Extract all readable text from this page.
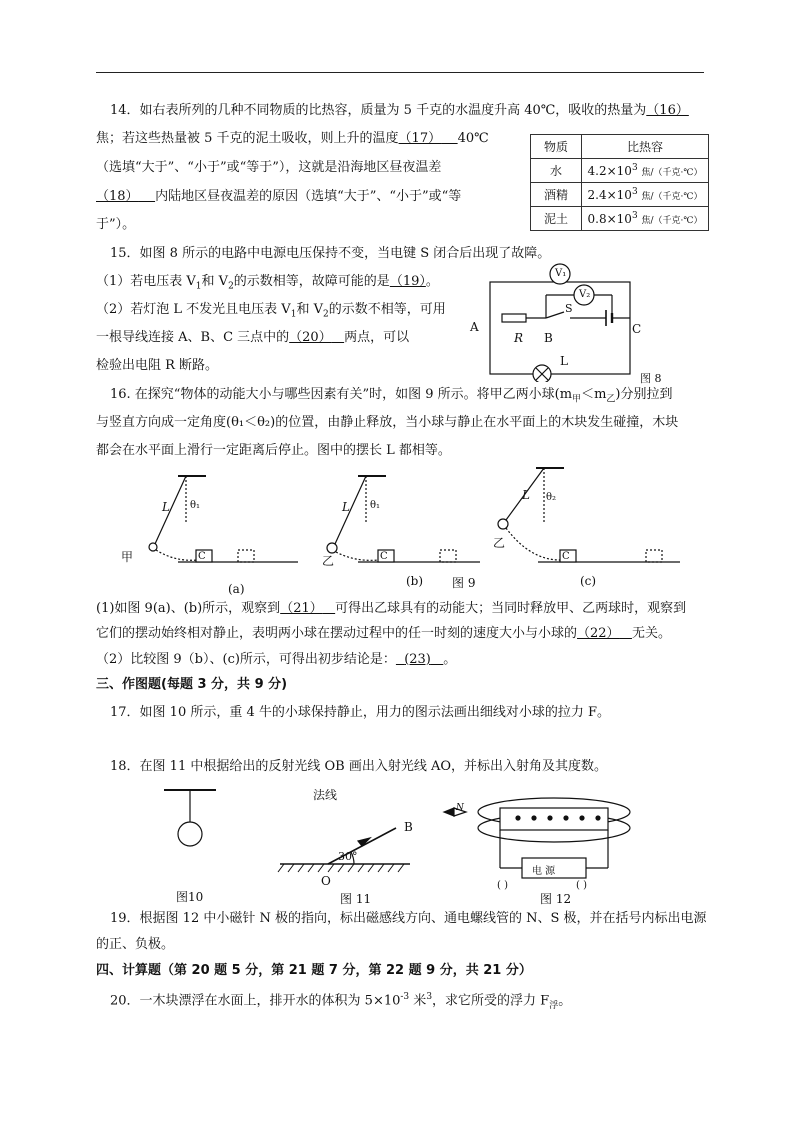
14．如右表所列的几种不同物质的比热容，质量为 5 千克的水温度升高 40℃，吸收的热量为（16）
焦；若这些热量被 5 千克的泥土吸收，则上升的温度（17） 40℃
（选填“大于”、“小于”或“等于”），这就是沿海地区昼夜温差
（18） 内陆地区昼夜温差的原因（选填“大于”、“小于”或“等
于”）。
物质	比热容
水	$4.2\times 10^3$ 焦/（千克·℃）
酒精	$2.4\times 10^3$ 焦/（千克·℃）
泥土	$0.8\times 10^3$ 焦/（千克·℃）
15．如图 8 所示的电路中电源电压保持不变，当电键 S 闭合后出现了故障。
（1）若电压表 $V_1$和 $V_2$的示数相等，故障可能的是（19）。
（2）若灯泡 L 不发光且电压表 $V_1$和 $V_2$的示数不相等，可用
一根导线连接 A、B、C 三点中的（20） 两点，可以
检验出电阻 R 断路。
V₁
V₂
A
R B
S
C
L
图 8
16. 在探究“物体的动能大小与哪些因素有关”时，如图 9 所示。将甲乙两小球$(m_甲<m_乙)$分别拉到
与竖直方向成一定角度(θ₁＜θ₂)的位置，由静止释放，当小球与静止在水平面上的木块发生碰撞，木块
都会在水平面上滑行一定距离后停止。图中的摆长 L 都相等。
L θ₁
甲	C
L θ₁
乙	C
L θ₂
乙
C
(a)
(b) 图 9	(c)
(1)如图 9(a)、(b)所示，观察到（21） 可得出乙球具有的动能大；当同时释放甲、乙两球时，观察到
它们的摆动始终相对静止，表明两小球在摆动过程中的任一时刻的速度大小与小球的（22） 无关。
（2）比较图 9（b）、(c)所示，可得出初步结论是： (23) 。
三、作图题(每题 3 分，共 9 分)
17．如图 10 所示，重 4 牛的小球保持静止，用力的图示法画出细线对小球的拉力 F。
18．在图 11 中根据给出的反射光线 OB 画出入射光线 AO，并标出入射角及其度数。
图10
法线
B
30°
O
图 11
N
电 源
( )	( )
图 12
19．根据图 12 中小磁针 N 极的指向，标出磁感线方向、通电螺线管的 N、S 极，并在括号内标出电源
的正、负极。
四、计算题（第 20 题 5 分，第 21 题 7 分，第 22 题 9 分，共 21 分）
20．一木块漂浮在水面上，排开水的体积为 $5\times 10^{-3}$ 米$^3$，求它所受的浮力 $F_浮$。
